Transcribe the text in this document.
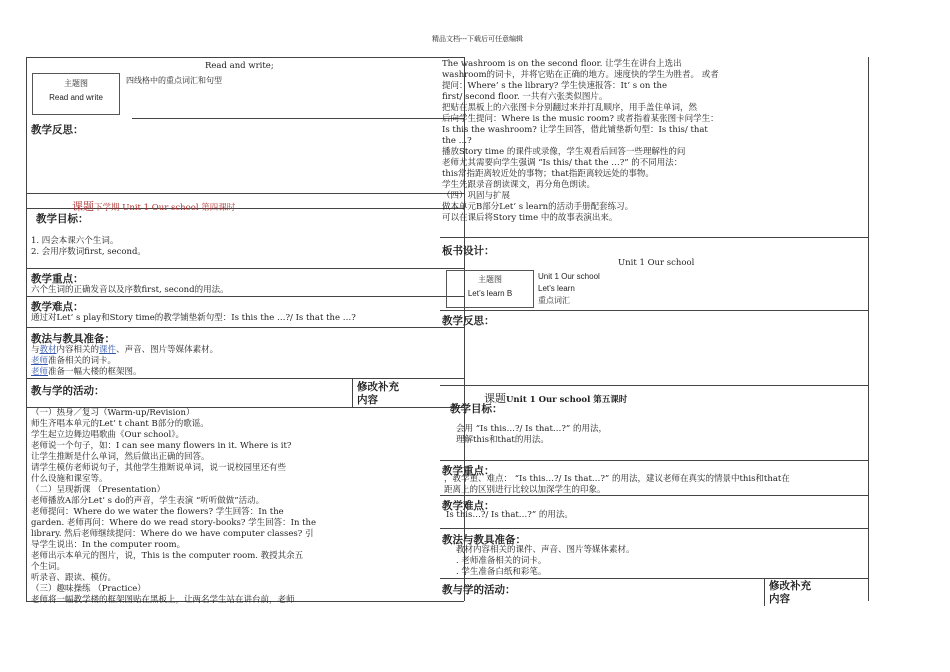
精品文档---下载后可任意编辑
Read and write;
主题图
Read and write
四线格中的重点词汇和句型
教学反思：
课题下学期 Unit 1 Our school 第四课时
教学目标：
1. 四会本课六个生词。
2. 会用序数词first, second。
教学重点：
六个生词的正确发音以及序数first, second的用法。
教学难点：
通过对Let’ s play和Story time的教学铺垫新句型：Is this the …?/ Is that the …?
教法与教具准备：
与教材内容相关的课件、声音、图片等媒体素材。
老师准备相关的词卡。
老师准备一幅大楼的框架图。
教与学的活动：	修改补充内容
（一）热身／复习（Warm-up/Revision）
师生齐唱本单元的Let’ t chant B部分的歌谣。
学生起立边舞边唱歌曲《Our school》。
老师说一个句子，如：I can see many flowers in it. Where is it?
让学生推断是什么单词，然后做出正确的回答。
请学生模仿老师说句子，其他学生推断说单词，说一说校园里还有些
什么设施和课室等。
（二）呈现新课 （Presentation）
老师播放A部分Let’ s do的声音，学生表演 “听听做做”活动。
老师提问：Where do we water the flowers? 学生回答：In the
garden. 老师再问：Where do we read story-books? 学生回答：In the
library. 然后老师继续提问：Where do we have computer classes? 引
导学生说出：In the computer room。
老师出示本单元的图片，说，This is the computer room. 教授其余五
个生词。
听录音、跟读、模仿。
（三）趣味操练 （Practice）
老师将一幅教学楼的框架图贴在黑板上，让两名学生站在讲台前，老师
The washroom is on the second floor. 让学生在讲台上选出
washroom的词卡，并将它贴在正确的地方。速度快的学生为胜者。 或者
提问：Where’ s the library? 学生快速报答：It’ s on the
first/ second floor. 一共有六张类似图片。
把贴在黑板上的六张图卡分别翻过来并打乱顺序，用手盖住单词，然
后向学生提问：Where is the music room? 或者指着某张图卡问学生：
Is this the washroom? 让学生回答，借此铺垫新句型：Is this/ that
the …?
播放Story time 的课件或录像，学生观看后回答一些理解性的问
老师尤其需要向学生强调 “Is this/ that the …?” 的不同用法：
this常指距离较近处的事物；that指距离较远处的事物。
学生先跟录音朗读课文，再分角色朗读。
（四）巩固与扩展
做本单元B部分Let’ s learn的活动手册配套练习。
可以在课后将Story time 中的故事表演出来。
板书设计：
Unit 1 Our school
主题图
Let’s learn B
Unit 1 Our school
Let’s learn
重点词汇
教学反思：
课题Unit 1 Our school 第五课时
教学目标：
会用 “Is this…?/ Is that…?” 的用法，
理解this和that的用法。
教学重点：
，教学重、难点： “Is this…?/ Is that…?” 的用法，建议老师在真实的情景中this和that在
距离上的区别进行比较以加深学生的印象。
教学难点：
Is this…?/ Is that…?” 的用法。
教法与教具准备：
教材内容相关的课件、声音、图片等媒体素材。
. 老师准备相关的词卡。
. 学生准备白纸和彩笔。
教与学的活动：	修改补充内容
